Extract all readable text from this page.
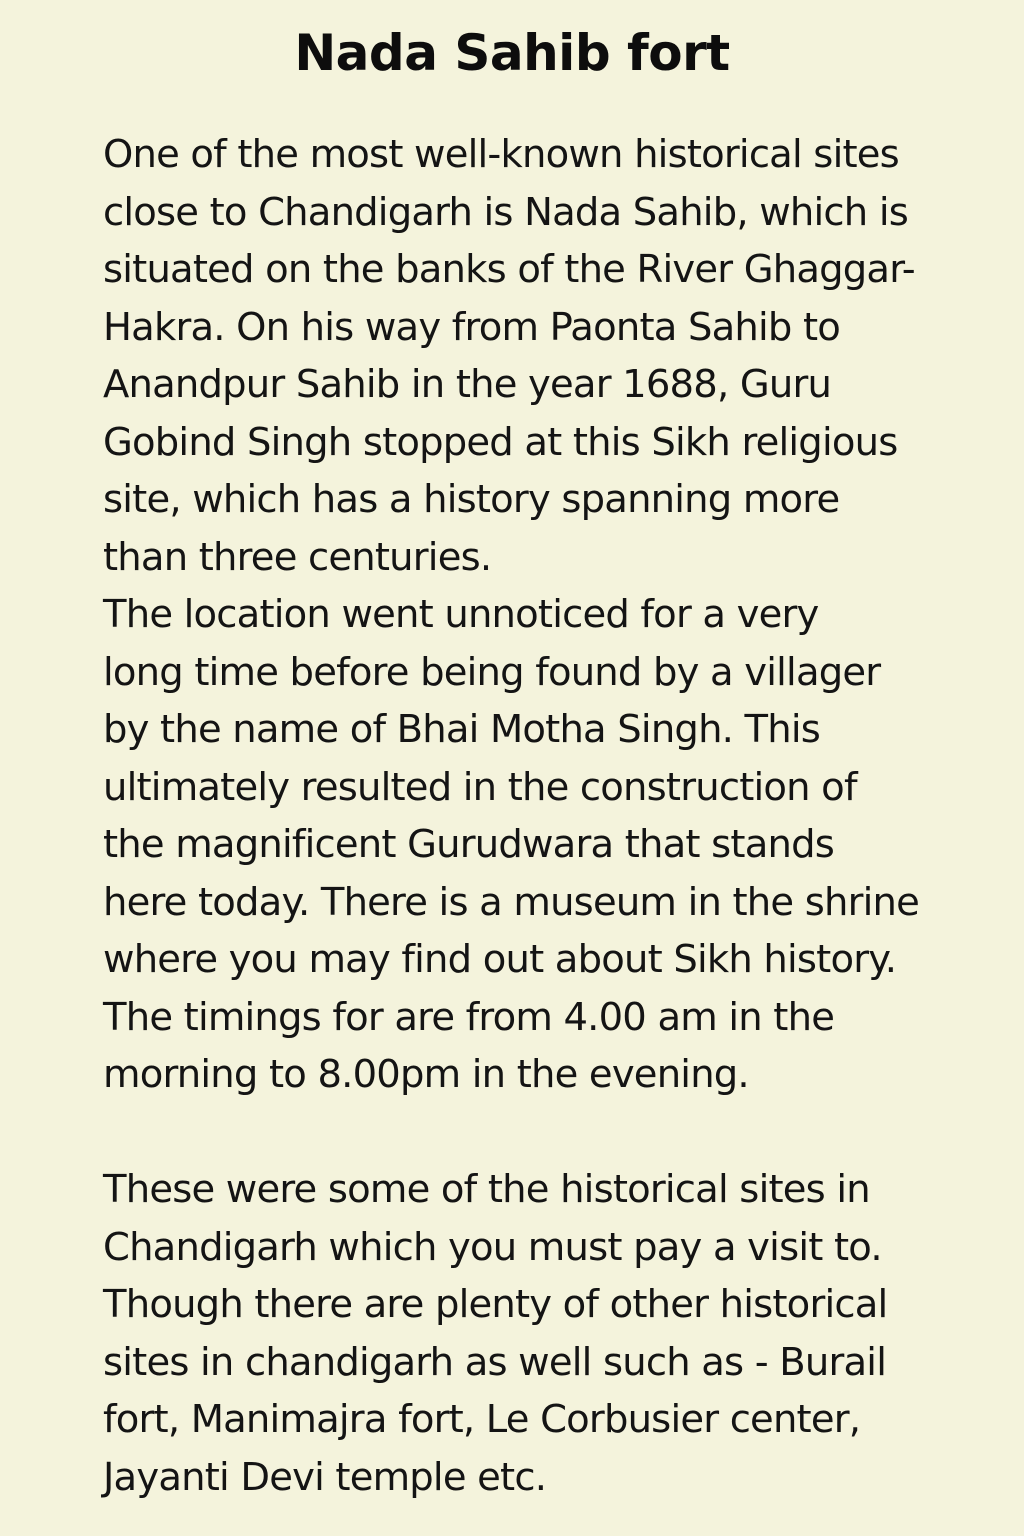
Nada Sahib fort
One of the most well-known historical sites
close to Chandigarh is Nada Sahib, which is
situated on the banks of the River Ghaggar-
Hakra. On his way from Paonta Sahib to
Anandpur Sahib in the year 1688, Guru
Gobind Singh stopped at this Sikh religious
site, which has a history spanning more
than three centuries.
The location went unnoticed for a very
long time before being found by a villager
by the name of Bhai Motha Singh. This
ultimately resulted in the construction of
the magnificent Gurudwara that stands
here today. There is a museum in the shrine
where you may find out about Sikh history.
The timings for are from 4.00 am in the
morning to 8.00pm in the evening.
These were some of the historical sites in
Chandigarh which you must pay a visit to.
Though there are plenty of other historical
sites in chandigarh as well such as - Burail
fort, Manimajra fort, Le Corbusier center,
Jayanti Devi temple etc.
